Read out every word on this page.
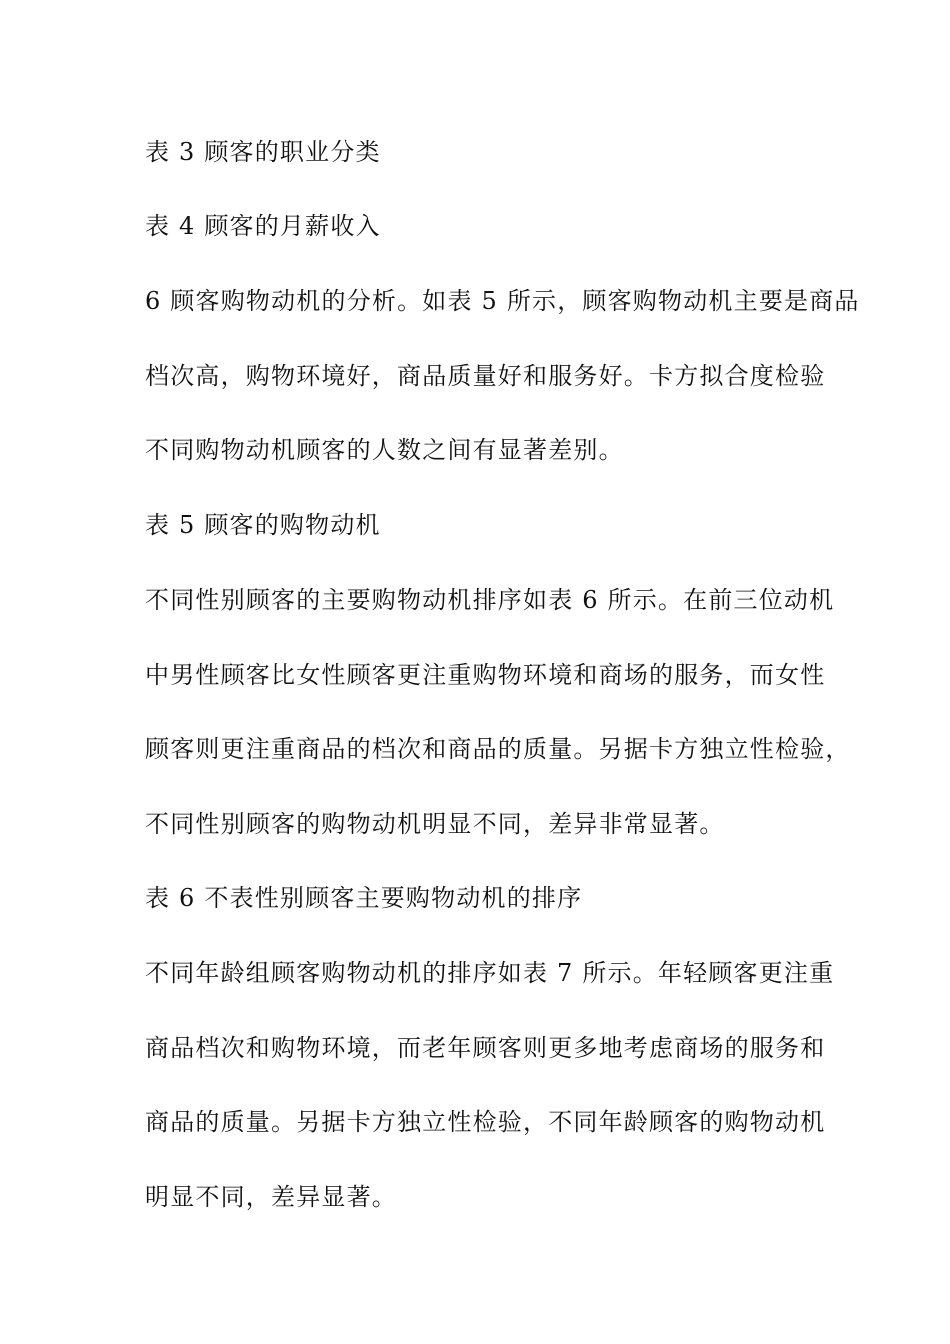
表 3 顾客的职业分类
表 4 顾客的月薪收入
6 顾客购物动机的分析。如表 5 所示，顾客购物动机主要是商品
档次高，购物环境好，商品质量好和服务好。卡方拟合度检验
不同购物动机顾客的人数之间有显著差别。
表 5 顾客的购物动机
不同性别顾客的主要购物动机排序如表 6 所示。在前三位动机
中男性顾客比女性顾客更注重购物环境和商场的服务，而女性
顾客则更注重商品的档次和商品的质量。另据卡方独立性检验，
不同性别顾客的购物动机明显不同，差异非常显著。
表 6 不表性别顾客主要购物动机的排序
不同年龄组顾客购物动机的排序如表 7 所示。年轻顾客更注重
商品档次和购物环境，而老年顾客则更多地考虑商场的服务和
商品的质量。另据卡方独立性检验，不同年龄顾客的购物动机
明显不同，差异显著。
